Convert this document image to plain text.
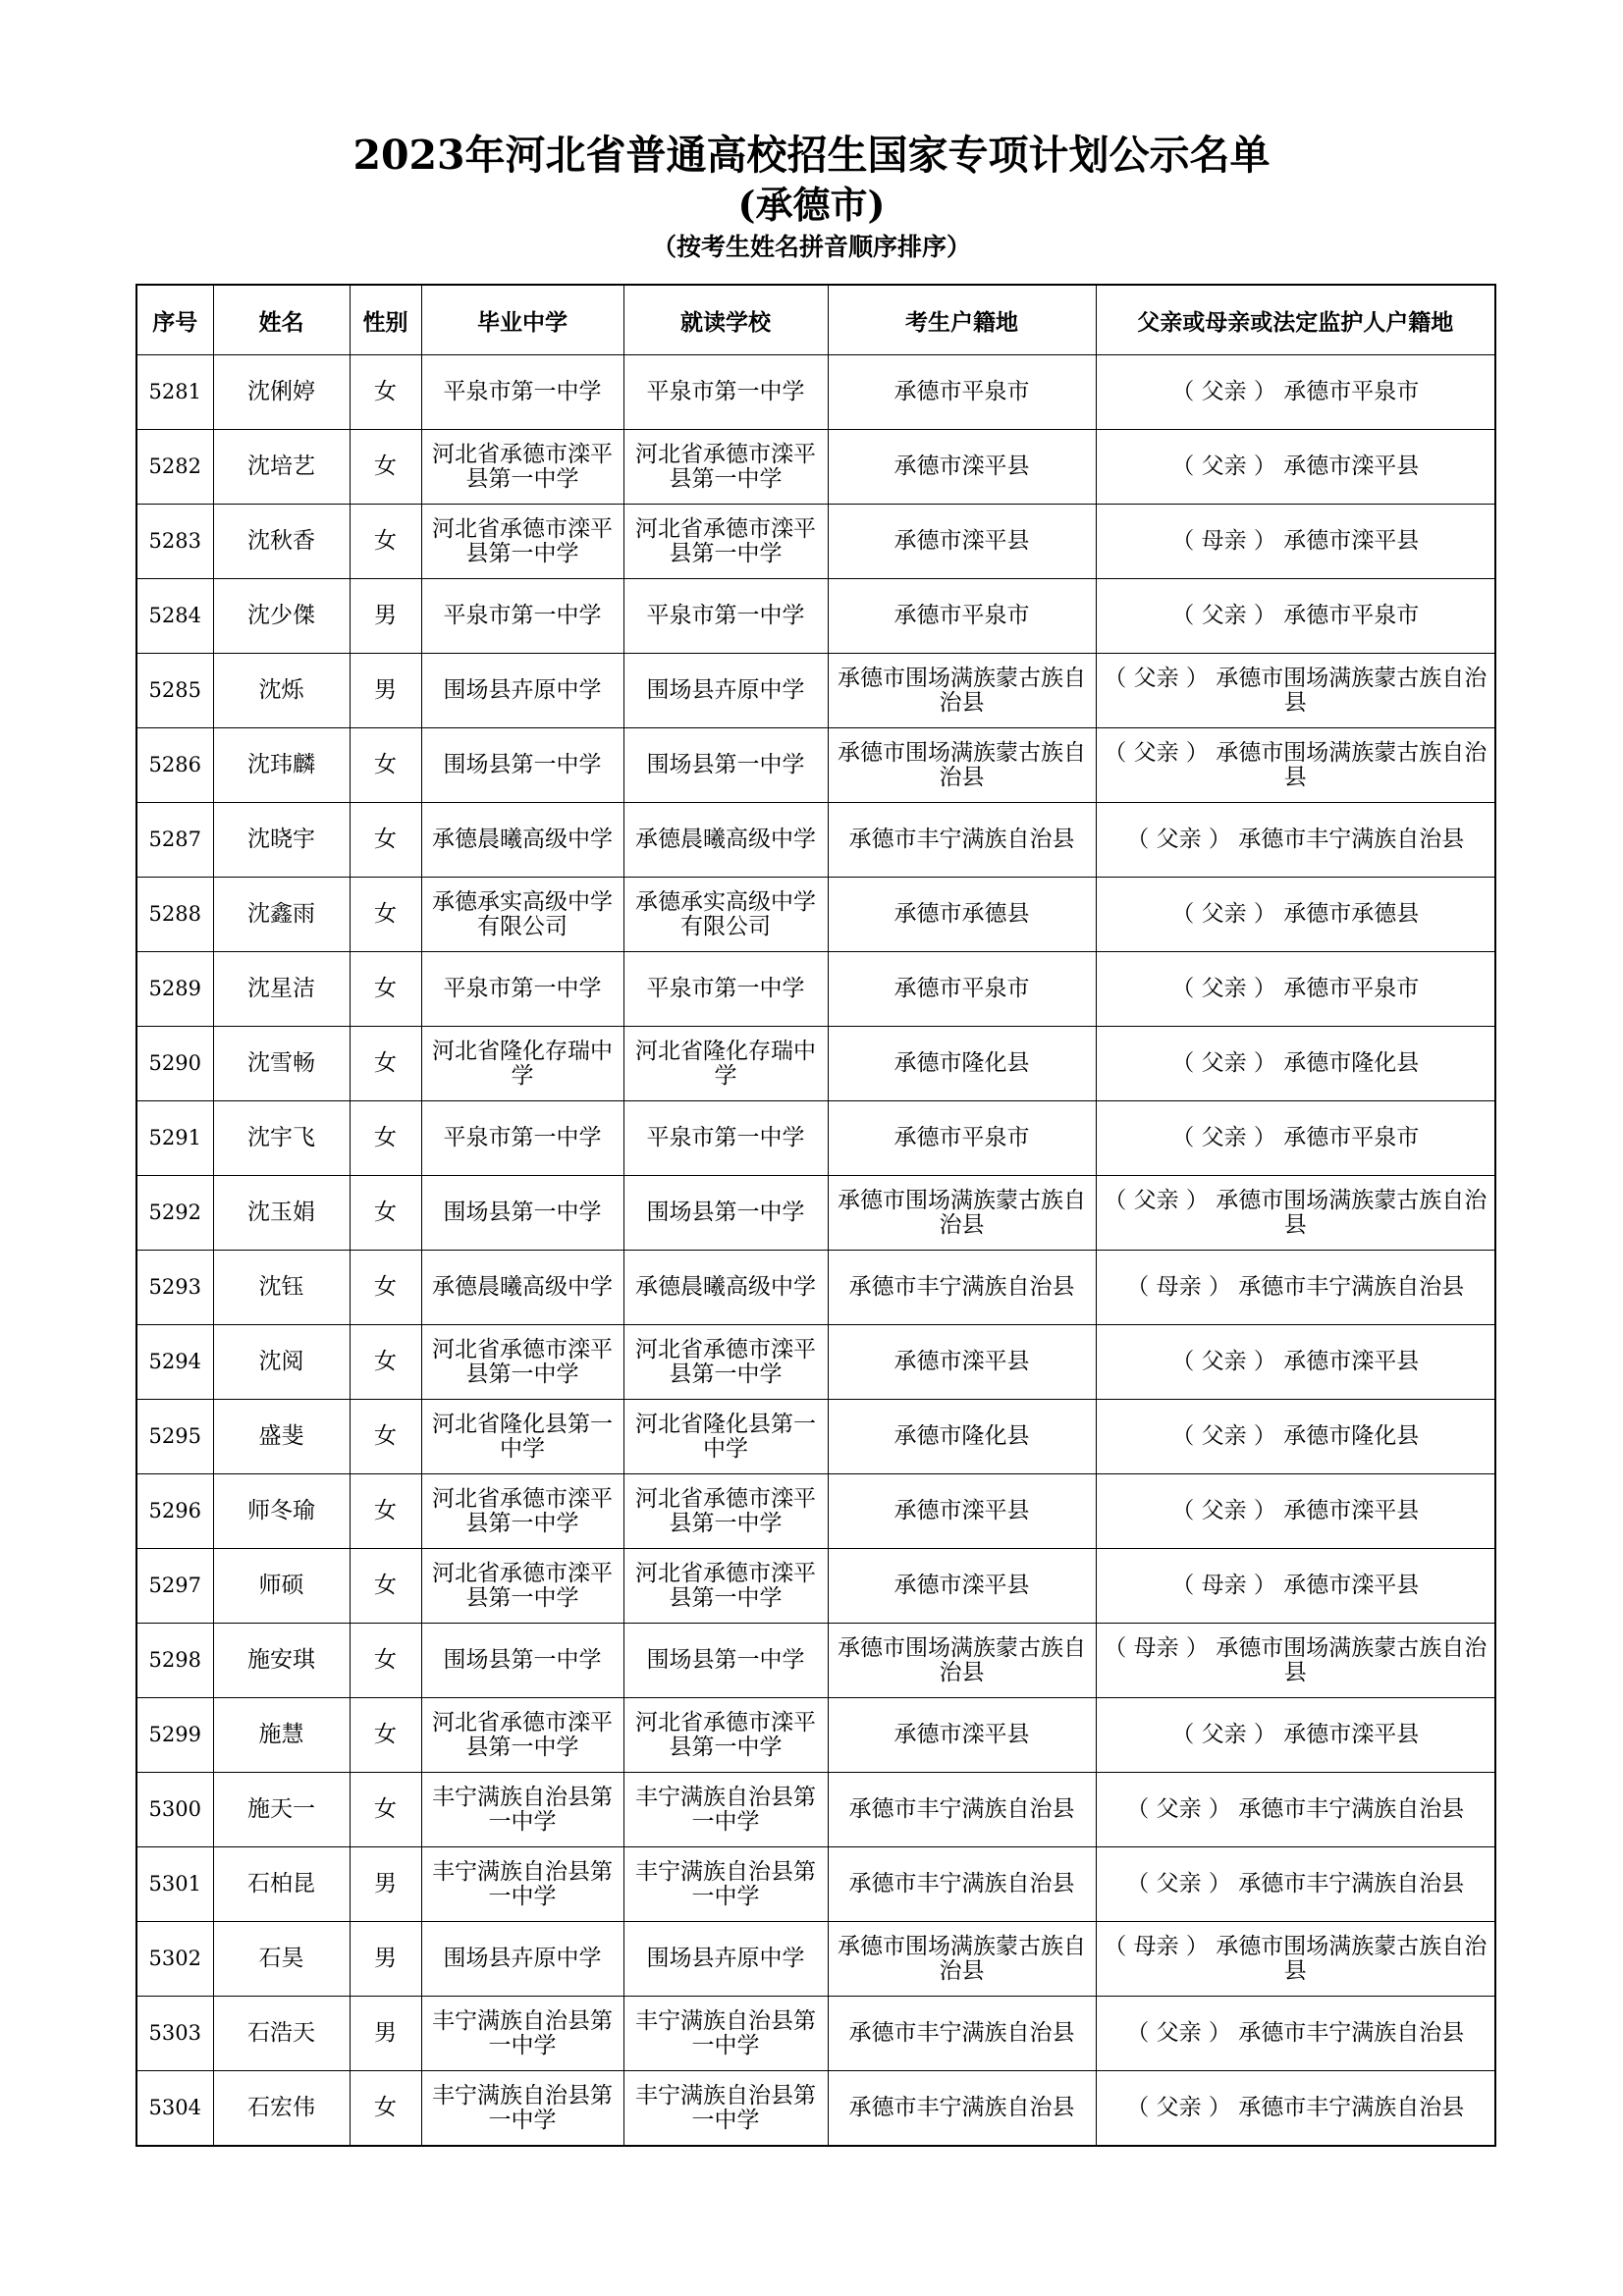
2023年河北省普通高校招生国家专项计划公示名单
(承德市)
（按考生姓名拼音顺序排序）
序号	姓名	性别	毕业中学	就读学校	考生户籍地	父亲或母亲或法定监护人户籍地
5281	沈俐婷	女	平泉市第一中学	平泉市第一中学	承德市平泉市	（ 父亲 ） 承德市平泉市
5282	沈培艺	女	河北省承德市滦平县第一中学	河北省承德市滦平县第一中学	承德市滦平县	（ 父亲 ） 承德市滦平县
5283	沈秋香	女	河北省承德市滦平县第一中学	河北省承德市滦平县第一中学	承德市滦平县	（ 母亲 ） 承德市滦平县
5284	沈少傑	男	平泉市第一中学	平泉市第一中学	承德市平泉市	（ 父亲 ） 承德市平泉市
5285	沈烁	男	围场县卉原中学	围场县卉原中学	承德市围场满族蒙古族自治县	（ 父亲 ） 承德市围场满族蒙古族自治县
5286	沈玮麟	女	围场县第一中学	围场县第一中学	承德市围场满族蒙古族自治县	（ 父亲 ） 承德市围场满族蒙古族自治县
5287	沈晓宇	女	承德晨曦高级中学	承德晨曦高级中学	承德市丰宁满族自治县	（ 父亲 ） 承德市丰宁满族自治县
5288	沈鑫雨	女	承德承实高级中学有限公司	承德承实高级中学有限公司	承德市承德县	（ 父亲 ） 承德市承德县
5289	沈星洁	女	平泉市第一中学	平泉市第一中学	承德市平泉市	（ 父亲 ） 承德市平泉市
5290	沈雪畅	女	河北省隆化存瑞中学	河北省隆化存瑞中学	承德市隆化县	（ 父亲 ） 承德市隆化县
5291	沈宇飞	女	平泉市第一中学	平泉市第一中学	承德市平泉市	（ 父亲 ） 承德市平泉市
5292	沈玉娟	女	围场县第一中学	围场县第一中学	承德市围场满族蒙古族自治县	（ 父亲 ） 承德市围场满族蒙古族自治县
5293	沈钰	女	承德晨曦高级中学	承德晨曦高级中学	承德市丰宁满族自治县	（ 母亲 ） 承德市丰宁满族自治县
5294	沈阅	女	河北省承德市滦平县第一中学	河北省承德市滦平县第一中学	承德市滦平县	（ 父亲 ） 承德市滦平县
5295	盛斐	女	河北省隆化县第一中学	河北省隆化县第一中学	承德市隆化县	（ 父亲 ） 承德市隆化县
5296	师冬瑜	女	河北省承德市滦平县第一中学	河北省承德市滦平县第一中学	承德市滦平县	（ 父亲 ） 承德市滦平县
5297	师硕	女	河北省承德市滦平县第一中学	河北省承德市滦平县第一中学	承德市滦平县	（ 母亲 ） 承德市滦平县
5298	施安琪	女	围场县第一中学	围场县第一中学	承德市围场满族蒙古族自治县	（ 母亲 ） 承德市围场满族蒙古族自治县
5299	施慧	女	河北省承德市滦平县第一中学	河北省承德市滦平县第一中学	承德市滦平县	（ 父亲 ） 承德市滦平县
5300	施天一	女	丰宁满族自治县第一中学	丰宁满族自治县第一中学	承德市丰宁满族自治县	（ 父亲 ） 承德市丰宁满族自治县
5301	石柏昆	男	丰宁满族自治县第一中学	丰宁满族自治县第一中学	承德市丰宁满族自治县	（ 父亲 ） 承德市丰宁满族自治县
5302	石昊	男	围场县卉原中学	围场县卉原中学	承德市围场满族蒙古族自治县	（ 母亲 ） 承德市围场满族蒙古族自治县
5303	石浩天	男	丰宁满族自治县第一中学	丰宁满族自治县第一中学	承德市丰宁满族自治县	（ 父亲 ） 承德市丰宁满族自治县
5304	石宏伟	女	丰宁满族自治县第一中学	丰宁满族自治县第一中学	承德市丰宁满族自治县	（ 父亲 ） 承德市丰宁满族自治县
